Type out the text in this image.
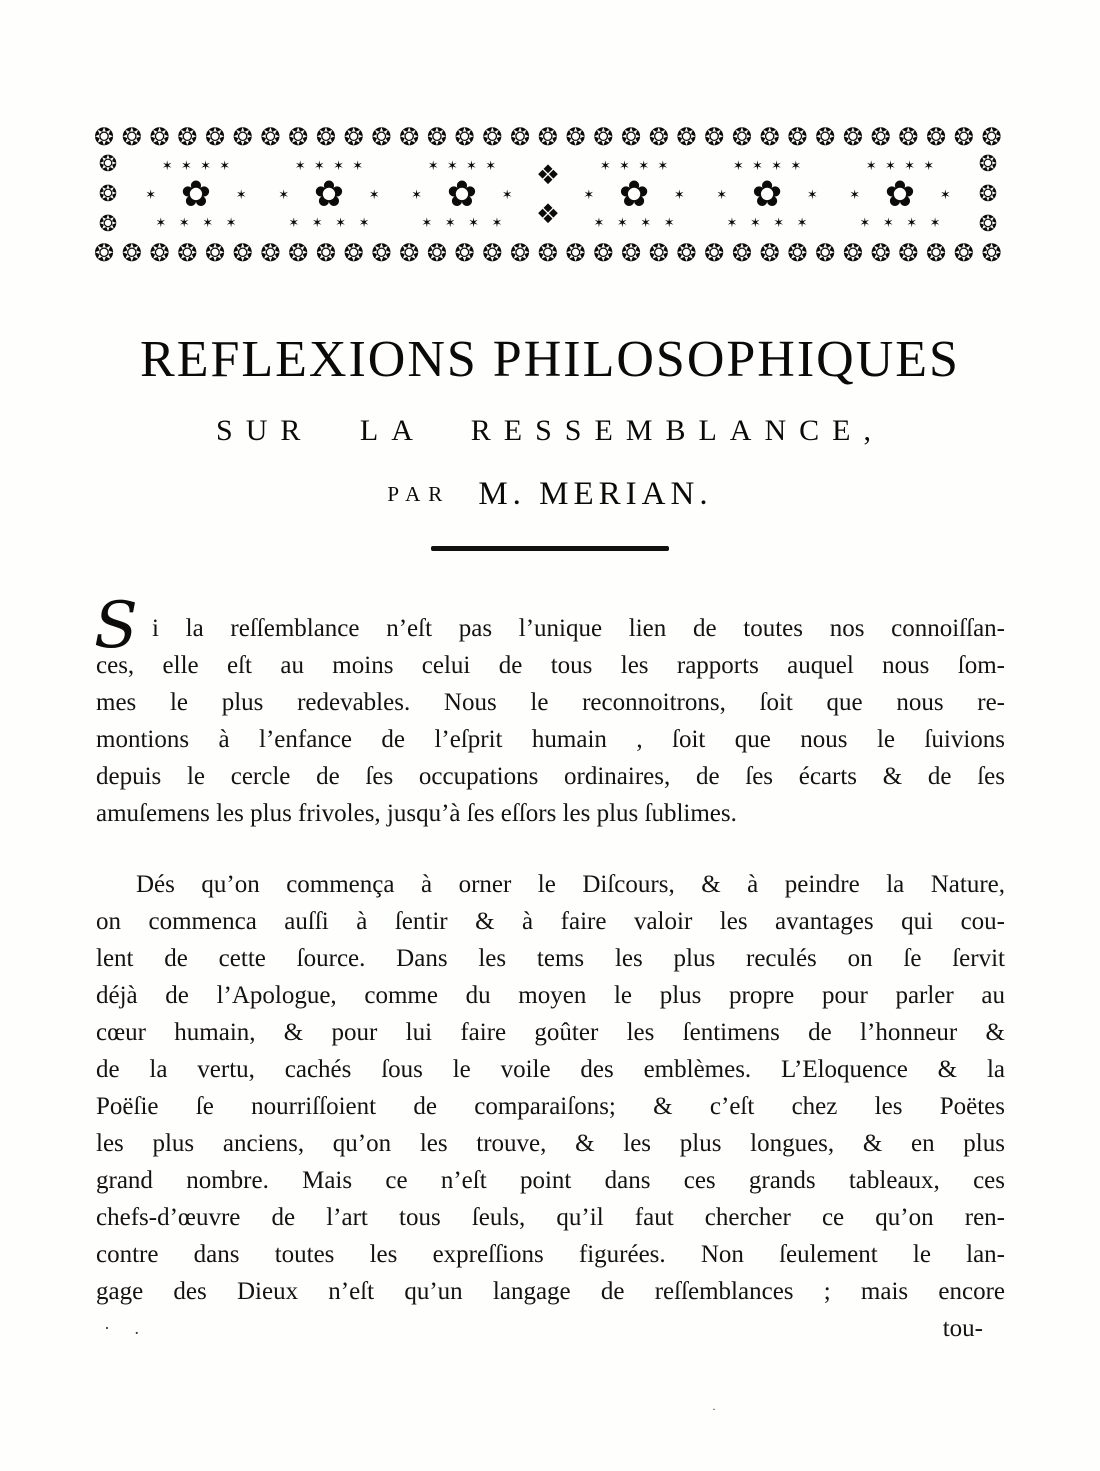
❂ ❂ ❂ ❂ ❂ ❂ ❂ ❂ ❂ ❂ ❂ ❂ ❂ ❂ ❂ ❂ ❂ ❂ ❂ ❂ ❂ ❂ ❂ ❂ ❂ ❂ ❂ ❂ ❂ ❂ ❂ ❂ ❂
❂
❂
❂
✶ ✶ ✶ ✶
✶ ✿ ✶
✶ ✶ ✶ ✶
✶ ✶ ✶ ✶
✶ ✿ ✶
✶ ✶ ✶ ✶
✶ ✶ ✶ ✶
✶ ✿ ✶
✶ ✶ ✶ ✶
❖
❖
✶ ✶ ✶ ✶
✶ ✿ ✶
✶ ✶ ✶ ✶
✶ ✶ ✶ ✶
✶ ✿ ✶
✶ ✶ ✶ ✶
✶ ✶ ✶ ✶
✶ ✿ ✶
✶ ✶ ✶ ✶
❂
❂
❂
❂ ❂ ❂ ❂ ❂ ❂ ❂ ❂ ❂ ❂ ❂ ❂ ❂ ❂ ❂ ❂ ❂ ❂ ❂ ❂ ❂ ❂ ❂ ❂ ❂ ❂ ❂ ❂ ❂ ❂ ❂ ❂ ❂
REFLEXIONS PHILOSOPHIQUES
SUR LA RESSEMBLANCE,
PAR M. MERIAN.
S i la reſſemblance n’eſt pas l’unique lien de toutes nos connoiſſan-
ces, elle eſt au moins celui de tous les rapports auquel nous ſom-
mes le plus redevables. Nous le reconnoitrons, ſoit que nous re-
montions à l’enfance de l’eſprit humain , ſoit que nous le ſuivions
depuis le cercle de ſes occupations ordinaires, de ſes écarts & de ſes
amuſemens les plus frivoles, jusqu’à ſes eſſors les plus ſublimes.
Dés qu’on commença à orner le Diſcours, & à peindre la Nature,
on commenca auſſi à ſentir & à faire valoir les avantages qui cou-
lent de cette ſource. Dans les tems les plus reculés on ſe ſervit
déjà de l’Apologue, comme du moyen le plus propre pour parler au
cœur humain, & pour lui faire goûter les ſentimens de l’honneur &
de la vertu, cachés ſous le voile des emblèmes. L’Eloquence & la
Poëſie ſe nourriſſoient de comparaiſons; & c’eſt chez les Poëtes
les plus anciens, qu’on les trouve, & les plus longues, & en plus
grand nombre. Mais ce n’eſt point dans ces grands tableaux, ces
chefs-d’œuvre de l’art tous ſeuls, qu’il faut chercher ce qu’on ren-
contre dans toutes les expreſſions figurées. Non ſeulement le lan-
gage des Dieux n’eſt qu’un langage de reſſemblances ; mais encore
tou-
· .
·
